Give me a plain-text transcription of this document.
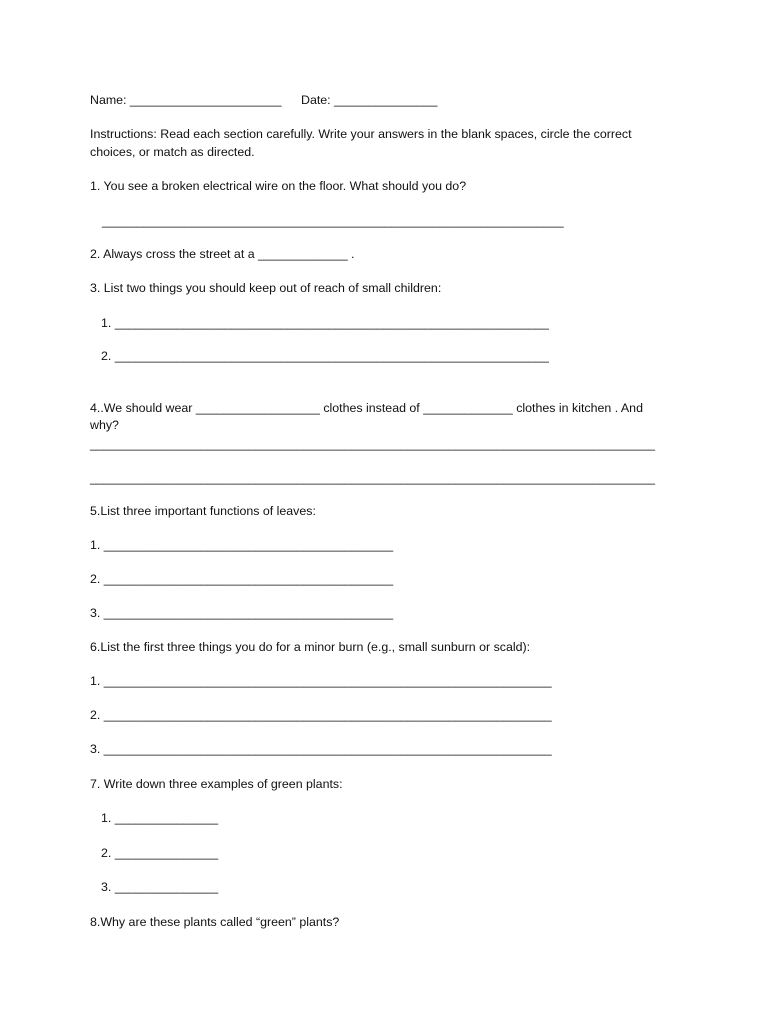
Name: ______________________ Date: _______________
Instructions: Read each section carefully. Write your answers in the blank spaces, circle the correct
choices, or match as directed.
1. You see a broken electrical wire on the floor. What should you do?
___________________________________________________________________
2. Always cross the street at a _____________ .
3. List two things you should keep out of reach of small children:
1. _______________________________________________________________
2. _______________________________________________________________
4..We should wear __________________ clothes instead of _____________ clothes in kitchen . And
why?
__________________________________________________________________________________
__________________________________________________________________________________
5.List three important functions of leaves:
1. __________________________________________
2. __________________________________________
3. __________________________________________
6.List the first three things you do for a minor burn (e.g., small sunburn or scald):
1. _________________________________________________________________
2. _________________________________________________________________
3. _________________________________________________________________
7. Write down three examples of green plants:
1. _______________
2. _______________
3. _______________
8.Why are these plants called “green” plants?
